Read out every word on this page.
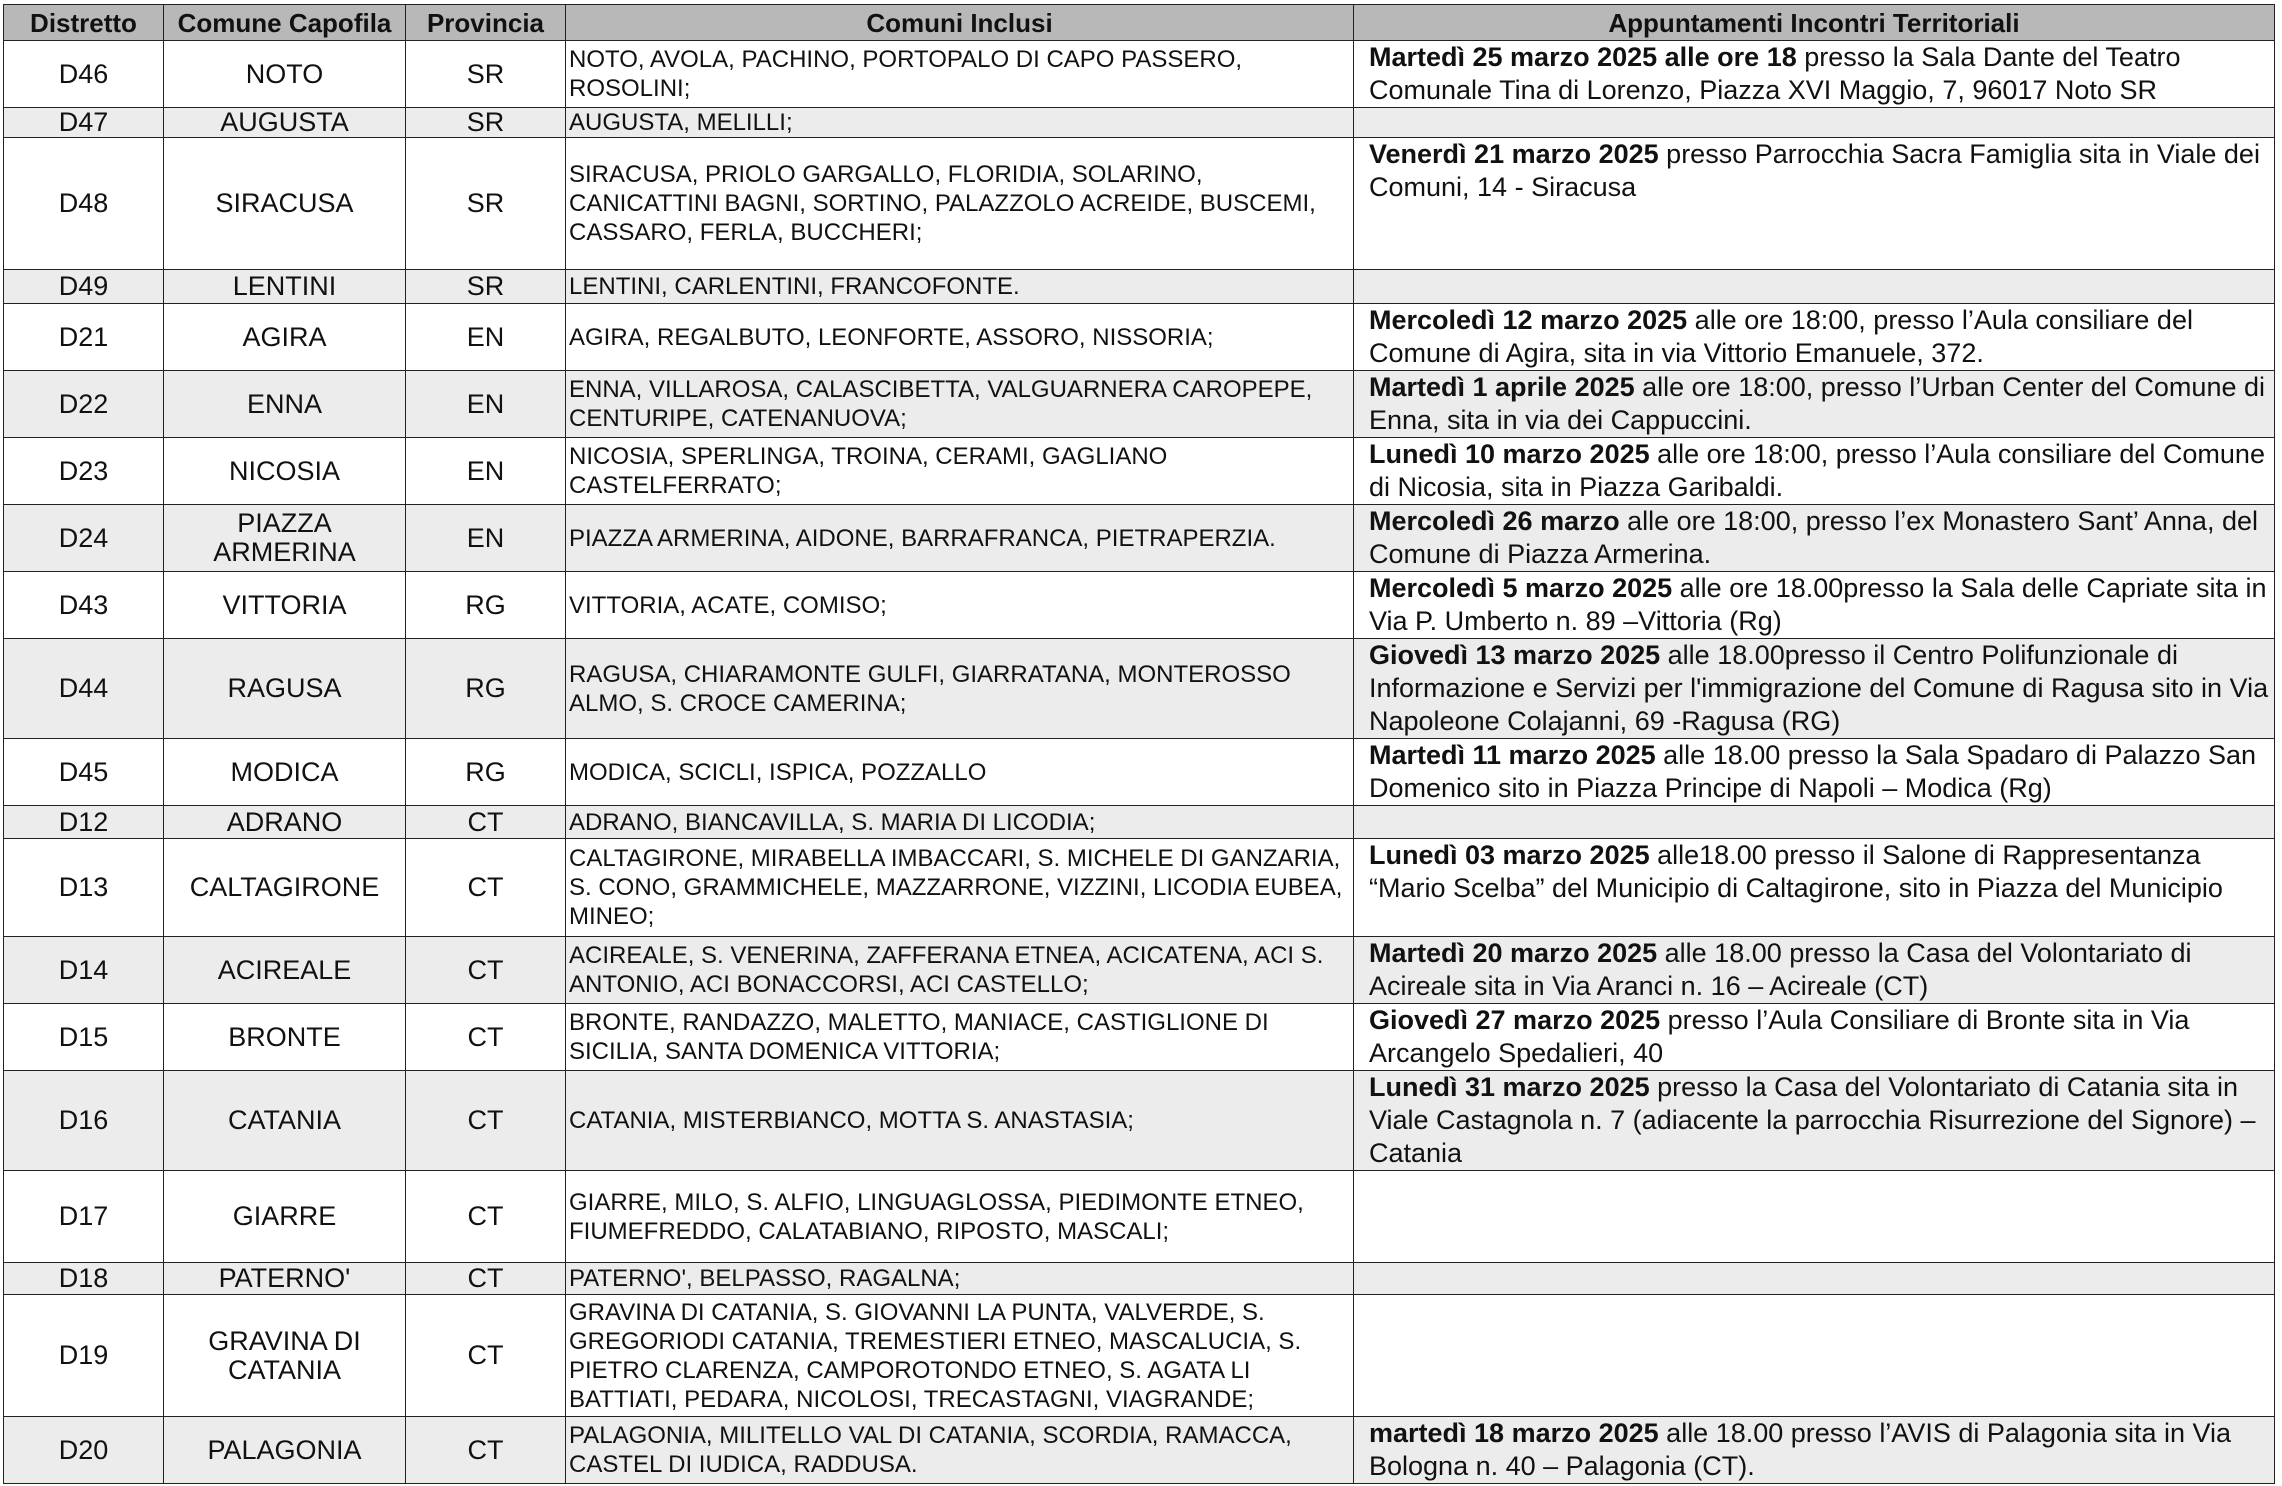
Distretto	Comune Capofila	Provincia	Comuni Inclusi	Appuntamenti Incontri Territoriali
D46	NOTO	SR	NOTO, AVOLA, PACHINO, PORTOPALO DI CAPO PASSERO, ROSOLINI;	Martedì 25 marzo 2025 alle ore 18 presso la Sala Dante del Teatro Comunale Tina di Lorenzo, Piazza XVI Maggio, 7, 96017 Noto SR
D47	AUGUSTA	SR	AUGUSTA, MELILLI;	
D48	SIRACUSA	SR	SIRACUSA, PRIOLO GARGALLO, FLORIDIA, SOLARINO, CANICATTINI BAGNI, SORTINO, PALAZZOLO ACREIDE, BUSCEMI, CASSARO, FERLA, BUCCHERI;	Venerdì 21 marzo 2025 presso Parrocchia Sacra Famiglia sita in Viale dei Comuni, 14 - Siracusa
D49	LENTINI	SR	LENTINI, CARLENTINI, FRANCOFONTE.	
D21	AGIRA	EN	AGIRA, REGALBUTO, LEONFORTE, ASSORO, NISSORIA;	Mercoledì 12 marzo 2025 alle ore 18:00, presso l’Aula consiliare del Comune di Agira, sita in via Vittorio Emanuele, 372.
D22	ENNA	EN	ENNA, VILLAROSA, CALASCIBETTA, VALGUARNERA CAROPEPE, CENTURIPE, CATENANUOVA;	Martedì 1 aprile 2025 alle ore 18:00, presso l’Urban Center del Comune di Enna, sita in via dei Cappuccini.
D23	NICOSIA	EN	NICOSIA, SPERLINGA, TROINA, CERAMI, GAGLIANO CASTELFERRATO;	Lunedì 10 marzo 2025 alle ore 18:00, presso l’Aula consiliare del Comune di Nicosia, sita in Piazza Garibaldi.
D24	PIAZZA ARMERINA	EN	PIAZZA ARMERINA, AIDONE, BARRAFRANCA, PIETRAPERZIA.	Mercoledì 26 marzo alle ore 18:00, presso l’ex Monastero Sant’ Anna, del Comune di Piazza Armerina.
D43	VITTORIA	RG	VITTORIA, ACATE, COMISO;	Mercoledì 5 marzo 2025 alle ore 18.00presso la Sala delle Capriate sita in Via P. Umberto n. 89 –Vittoria (Rg)
D44	RAGUSA	RG	RAGUSA, CHIARAMONTE GULFI, GIARRATANA, MONTEROSSO ALMO, S. CROCE CAMERINA;	Giovedì 13 marzo 2025 alle 18.00presso il Centro Polifunzionale di Informazione e Servizi per l'immigrazione del Comune di Ragusa sito in Via Napoleone Colajanni, 69 -Ragusa (RG)
D45	MODICA	RG	MODICA, SCICLI, ISPICA, POZZALLO	Martedì 11 marzo 2025 alle 18.00 presso la Sala Spadaro di Palazzo San Domenico sito in Piazza Principe di Napoli – Modica (Rg)
D12	ADRANO	CT	ADRANO, BIANCAVILLA, S. MARIA DI LICODIA;	
D13	CALTAGIRONE	CT	CALTAGIRONE, MIRABELLA IMBACCARI, S. MICHELE DI GANZARIA, S. CONO, GRAMMICHELE, MAZZARRONE, VIZZINI, LICODIA EUBEA, MINEO;	Lunedì 03 marzo 2025 alle18.00 presso il Salone di Rappresentanza “Mario Scelba” del Municipio di Caltagirone, sito in Piazza del Municipio
D14	ACIREALE	CT	ACIREALE, S. VENERINA, ZAFFERANA ETNEA, ACICATENA, ACI S. ANTONIO, ACI BONACCORSI, ACI CASTELLO;	Martedì 20 marzo 2025 alle 18.00 presso la Casa del Volontariato di Acireale sita in Via Aranci n. 16 – Acireale (CT)
D15	BRONTE	CT	BRONTE, RANDAZZO, MALETTO, MANIACE, CASTIGLIONE DI SICILIA, SANTA DOMENICA VITTORIA;	Giovedì 27 marzo 2025 presso l’Aula Consiliare di Bronte sita in Via Arcangelo Spedalieri, 40
D16	CATANIA	CT	CATANIA, MISTERBIANCO, MOTTA S. ANASTASIA;	Lunedì 31 marzo 2025 presso la Casa del Volontariato di Catania sita in Viale Castagnola n. 7 (adiacente la parrocchia Risurrezione del Signore) – Catania
D17	GIARRE	CT	GIARRE, MILO, S. ALFIO, LINGUAGLOSSA, PIEDIMONTE ETNEO, FIUMEFREDDO, CALATABIANO, RIPOSTO, MASCALI;	
D18	PATERNO'	CT	PATERNO', BELPASSO, RAGALNA;	
D19	GRAVINA DI CATANIA	CT	GRAVINA DI CATANIA, S. GIOVANNI LA PUNTA, VALVERDE, S. GREGORIODI CATANIA, TREMESTIERI ETNEO, MASCALUCIA, S. PIETRO CLARENZA, CAMPOROTONDO ETNEO, S. AGATA LI BATTIATI, PEDARA, NICOLOSI, TRECASTAGNI, VIAGRANDE;	
D20	PALAGONIA	CT	PALAGONIA, MILITELLO VAL DI CATANIA, SCORDIA, RAMACCA, CASTEL DI IUDICA, RADDUSA.	martedì 18 marzo 2025 alle 18.00 presso l’AVIS di Palagonia sita in Via Bologna n. 40 – Palagonia (CT).
